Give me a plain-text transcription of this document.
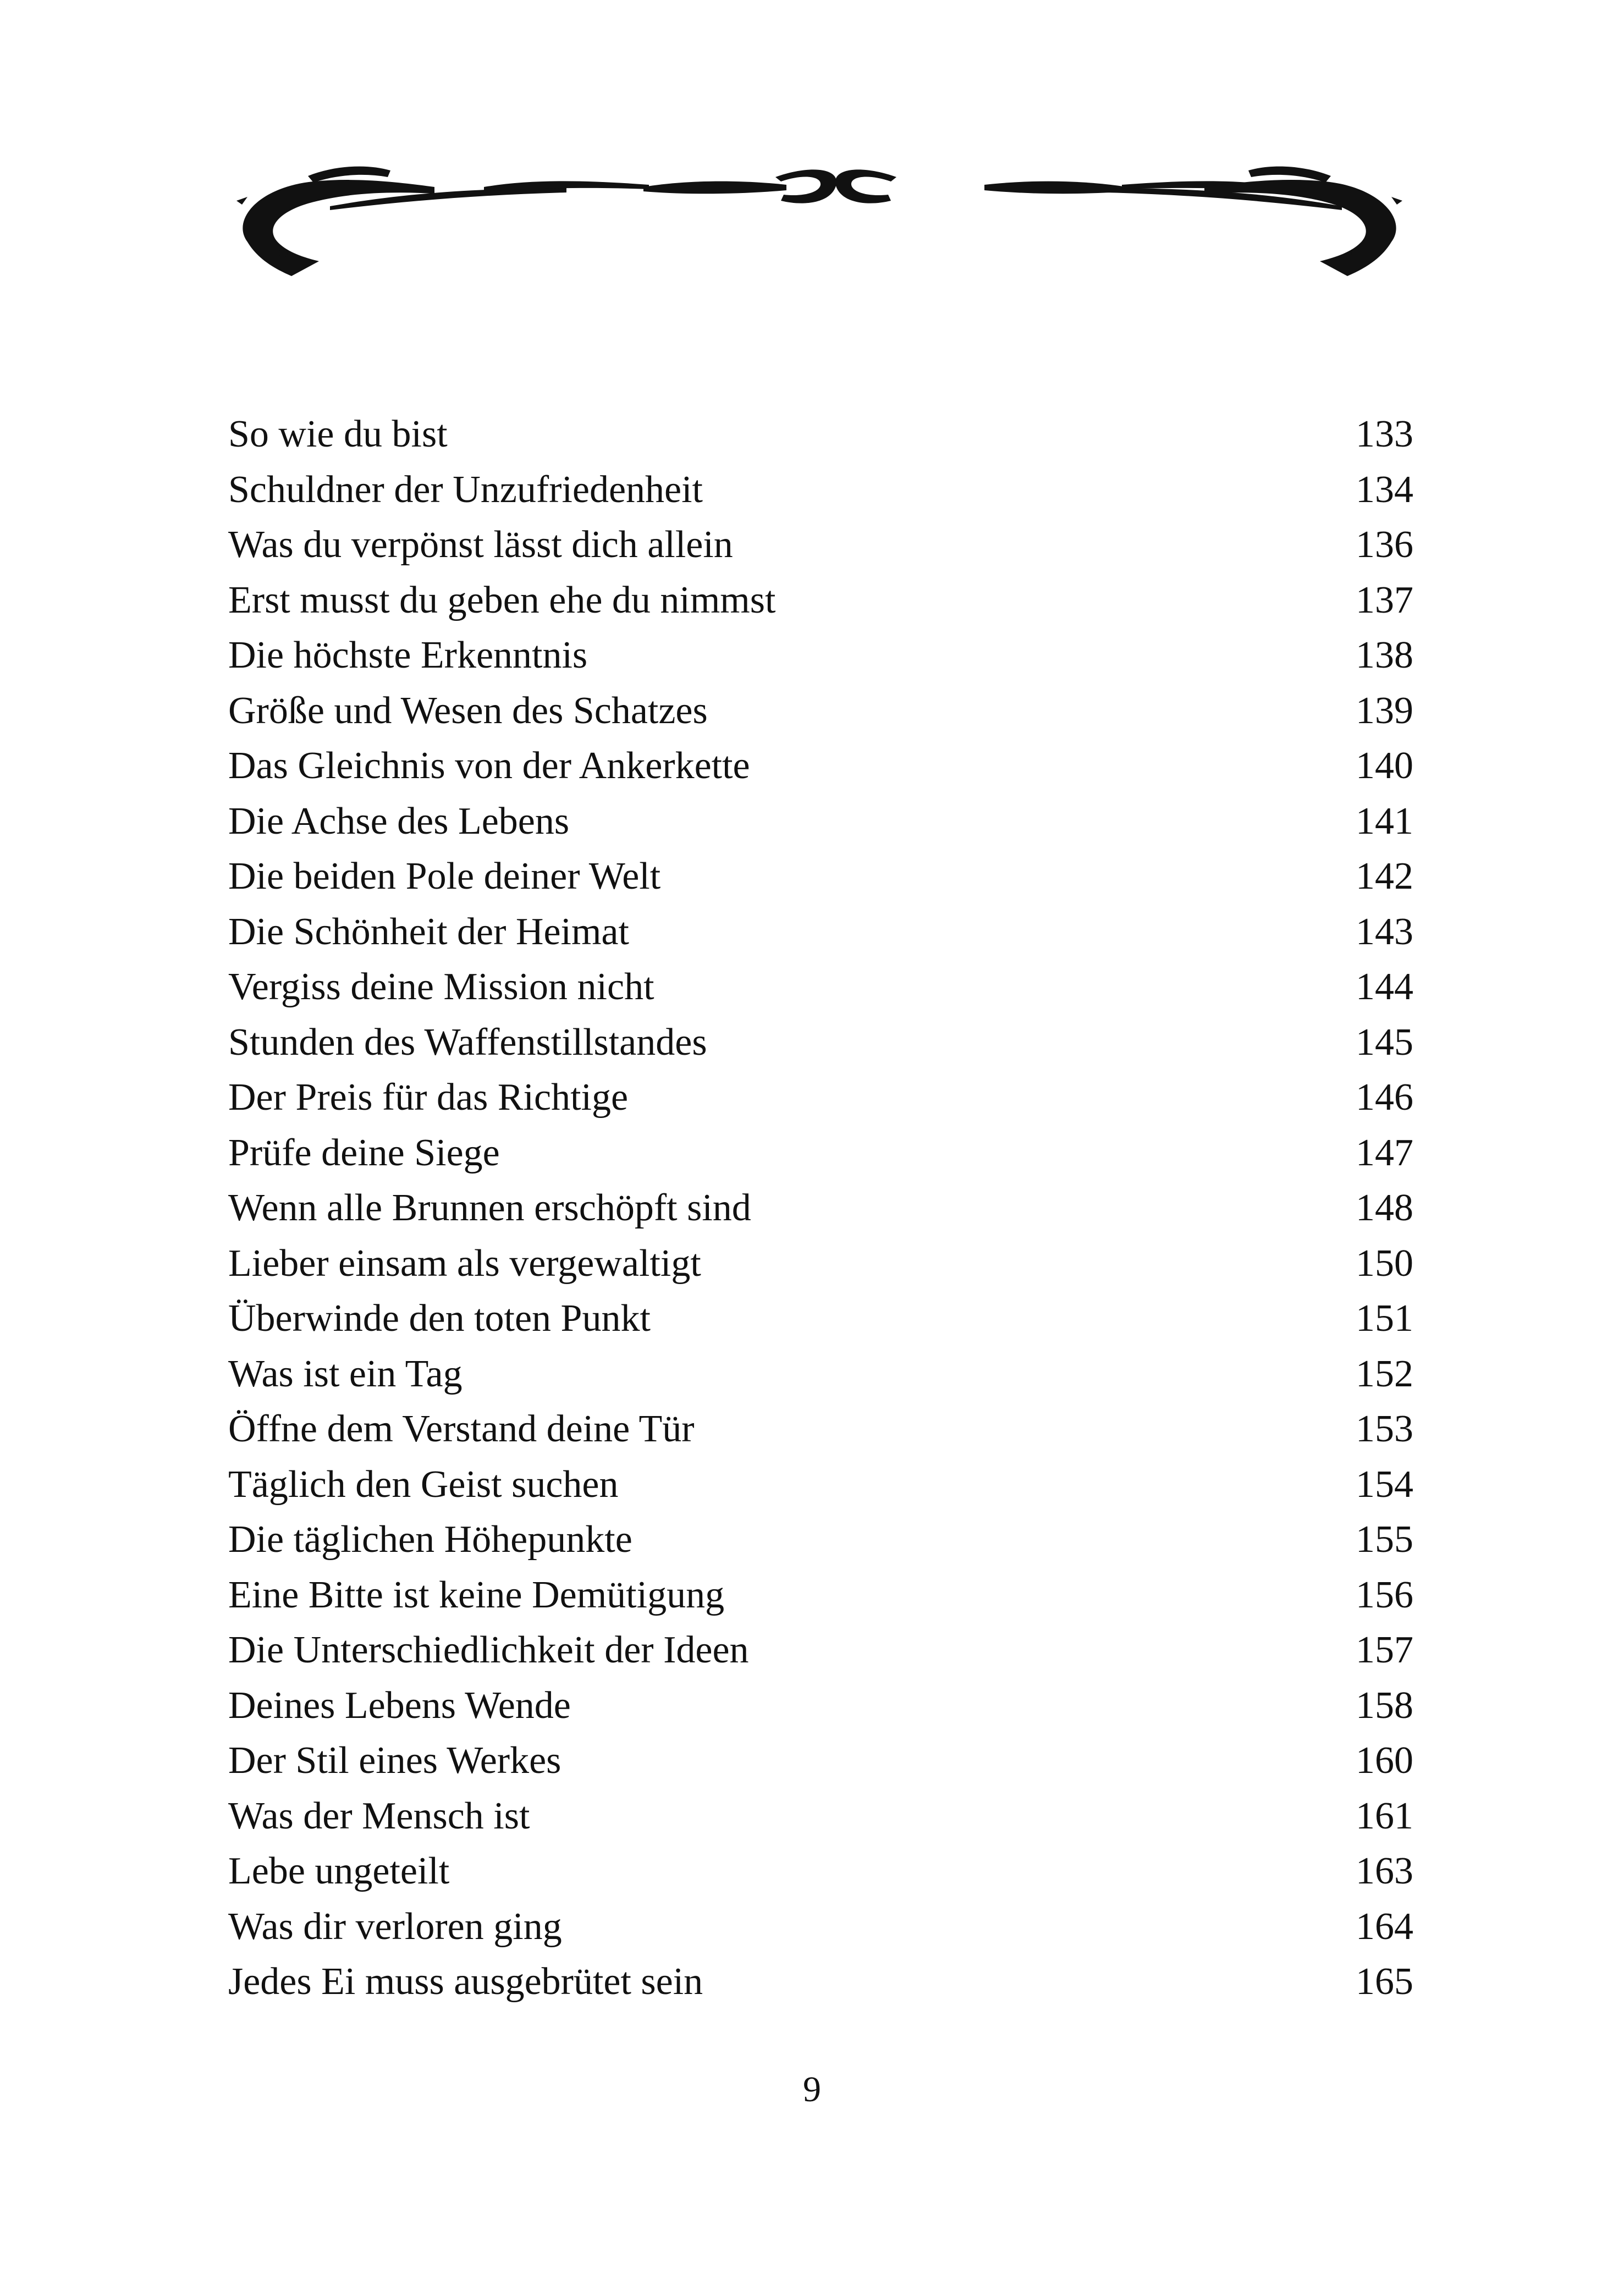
So wie du bist	133
Schuldner der Unzufriedenheit	134
Was du verpönst lässt dich allein	136
Erst musst du geben ehe du nimmst	137
Die höchste Erkenntnis	138
Größe und Wesen des Schatzes	139
Das Gleichnis von der Ankerkette	140
Die Achse des Lebens	141
Die beiden Pole deiner Welt	142
Die Schönheit der Heimat	143
Vergiss deine Mission nicht	144
Stunden des Waffenstillstandes	145
Der Preis für das Richtige	146
Prüfe deine Siege	147
Wenn alle Brunnen erschöpft sind	148
Lieber einsam als vergewaltigt	150
Überwinde den toten Punkt	151
Was ist ein Tag	152
Öffne dem Verstand deine Tür	153
Täglich den Geist suchen	154
Die täglichen Höhepunkte	155
Eine Bitte ist keine Demütigung	156
Die Unterschiedlichkeit der Ideen	157
Deines Lebens Wende	158
Der Stil eines Werkes	160
Was der Mensch ist	161
Lebe ungeteilt	163
Was dir verloren ging	164
Jedes Ei muss ausgebrütet sein	165
9
